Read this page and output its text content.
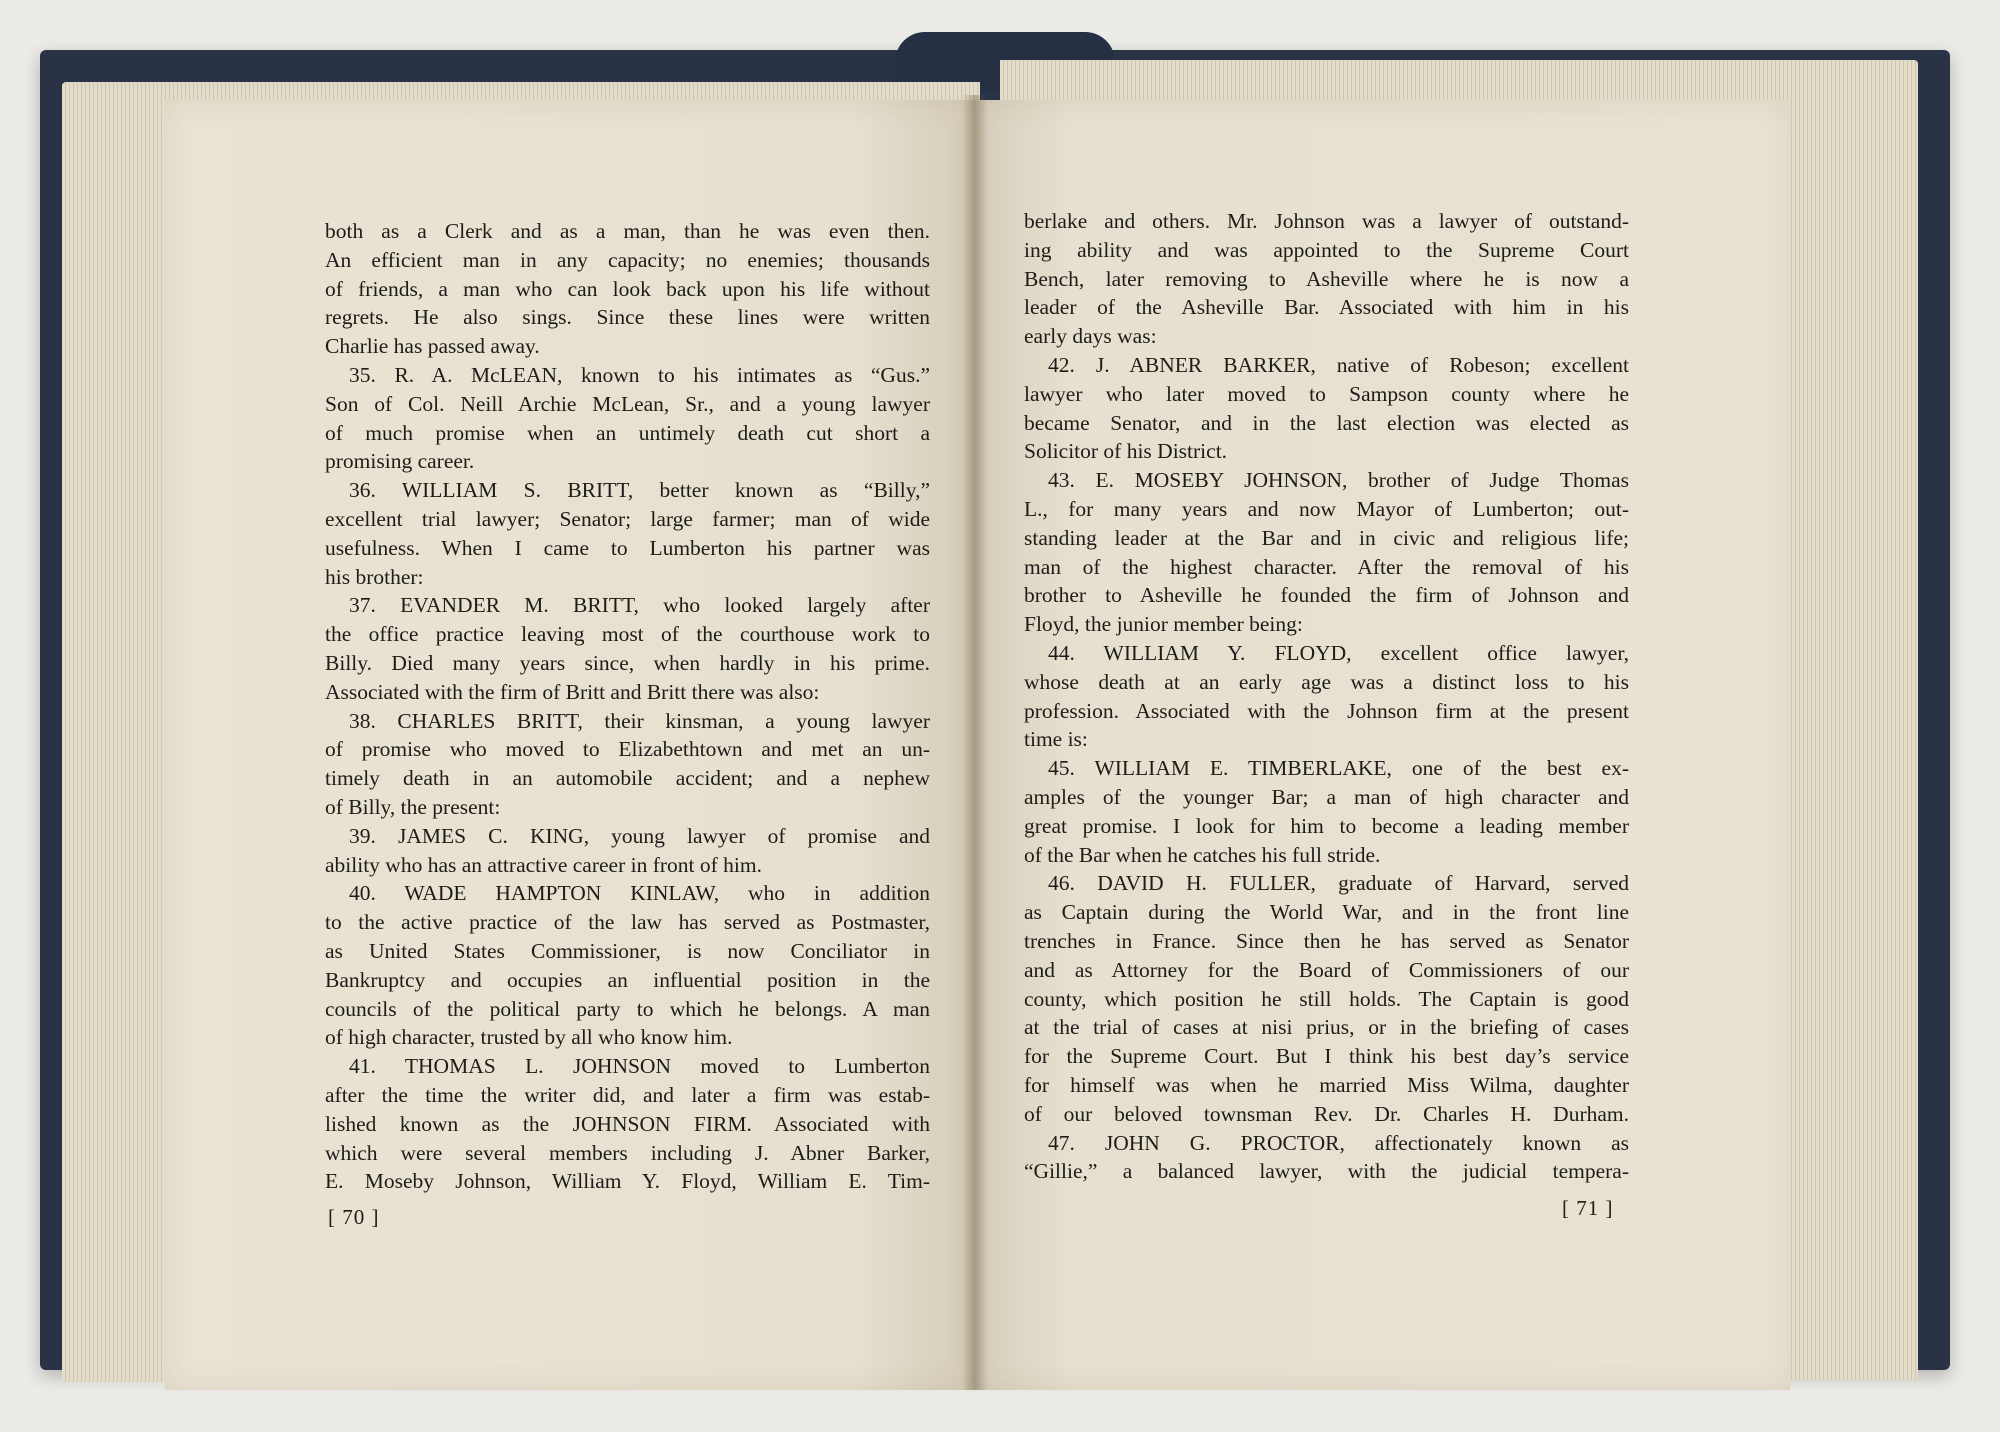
both as a Clerk and as a man, than he was even then.
An efficient man in any capacity; no enemies; thousands
of friends, a man who can look back upon his life without
regrets. He also sings. Since these lines were written
Charlie has passed away.
35. R. A. McLEAN, known to his intimates as “Gus.”
Son of Col. Neill Archie McLean, Sr., and a young lawyer
of much promise when an untimely death cut short a
promising career.
36. WILLIAM S. BRITT, better known as “Billy,”
excellent trial lawyer; Senator; large farmer; man of wide
usefulness. When I came to Lumberton his partner was
his brother:
37. EVANDER M. BRITT, who looked largely after
the office practice leaving most of the courthouse work to
Billy. Died many years since, when hardly in his prime.
Associated with the firm of Britt and Britt there was also:
38. CHARLES BRITT, their kinsman, a young lawyer
of promise who moved to Elizabethtown and met an un-
timely death in an automobile accident; and a nephew
of Billy, the present:
39. JAMES C. KING, young lawyer of promise and
ability who has an attractive career in front of him.
40. WADE HAMPTON KINLAW, who in addition
to the active practice of the law has served as Postmaster,
as United States Commissioner, is now Conciliator in
Bankruptcy and occupies an influential position in the
councils of the political party to which he belongs. A man
of high character, trusted by all who know him.
41. THOMAS L. JOHNSON moved to Lumberton
after the time the writer did, and later a firm was estab-
lished known as the JOHNSON FIRM. Associated with
which were several members including J. Abner Barker,
E. Moseby Johnson, William Y. Floyd, William E. Tim-
[ 70 ]
berlake and others. Mr. Johnson was a lawyer of outstand-
ing ability and was appointed to the Supreme Court
Bench, later removing to Asheville where he is now a
leader of the Asheville Bar. Associated with him in his
early days was:
42. J. ABNER BARKER, native of Robeson; excellent
lawyer who later moved to Sampson county where he
became Senator, and in the last election was elected as
Solicitor of his District.
43. E. MOSEBY JOHNSON, brother of Judge Thomas
L., for many years and now Mayor of Lumberton; out-
standing leader at the Bar and in civic and religious life;
man of the highest character. After the removal of his
brother to Asheville he founded the firm of Johnson and
Floyd, the junior member being:
44. WILLIAM Y. FLOYD, excellent office lawyer,
whose death at an early age was a distinct loss to his
profession. Associated with the Johnson firm at the present
time is:
45. WILLIAM E. TIMBERLAKE, one of the best ex-
amples of the younger Bar; a man of high character and
great promise. I look for him to become a leading member
of the Bar when he catches his full stride.
46. DAVID H. FULLER, graduate of Harvard, served
as Captain during the World War, and in the front line
trenches in France. Since then he has served as Senator
and as Attorney for the Board of Commissioners of our
county, which position he still holds. The Captain is good
at the trial of cases at nisi prius, or in the briefing of cases
for the Supreme Court. But I think his best day’s service
for himself was when he married Miss Wilma, daughter
of our beloved townsman Rev. Dr. Charles H. Durham.
47. JOHN G. PROCTOR, affectionately known as
“Gillie,” a balanced lawyer, with the judicial tempera-
[ 71 ]
